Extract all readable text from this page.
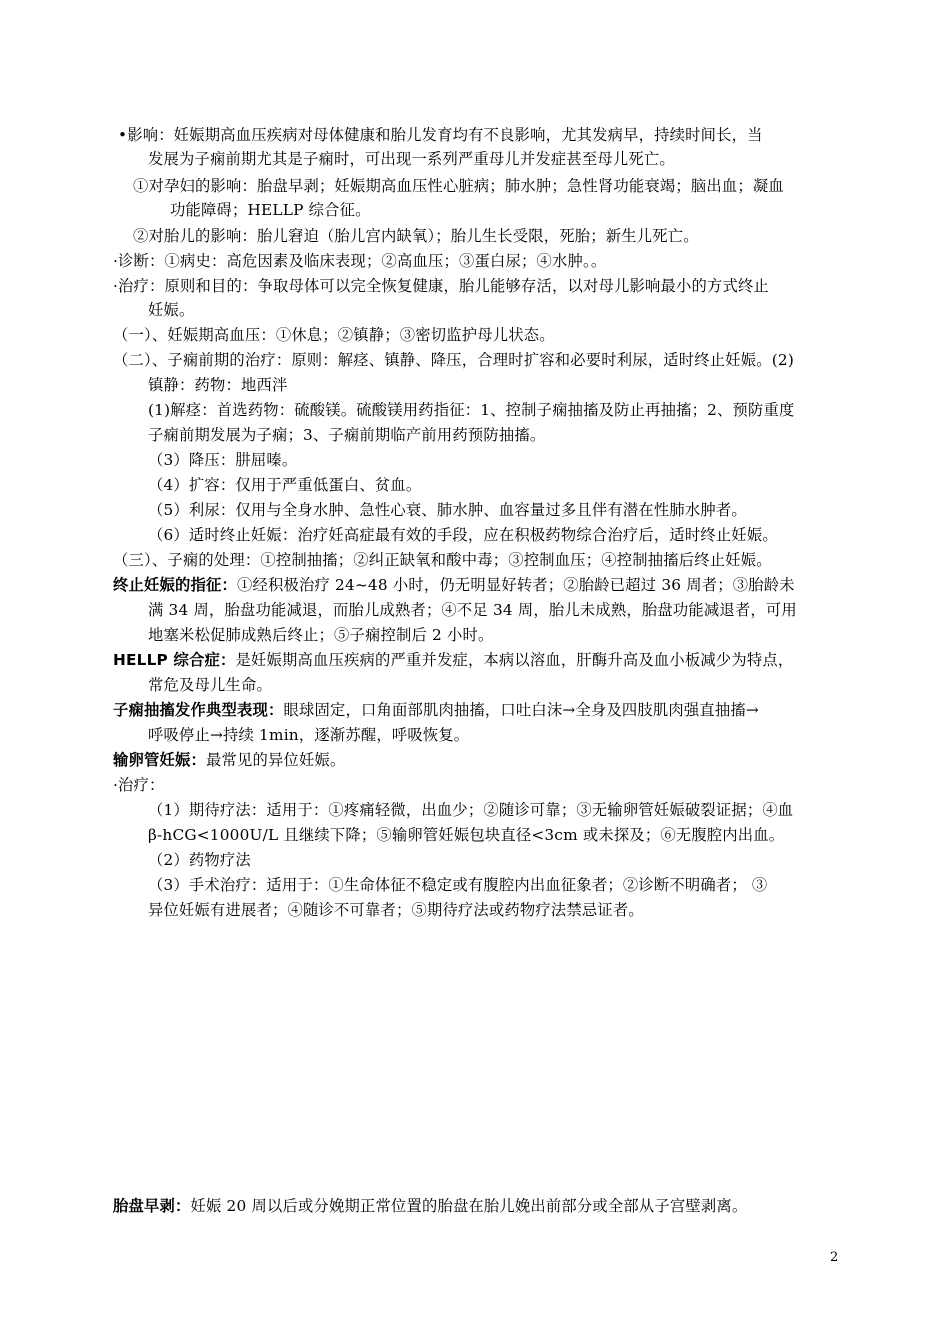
•影响：妊娠期高血压疾病对母体健康和胎儿发育均有不良影响，尤其发病早，持续时间长，当
发展为子痫前期尤其是子痫时，可出现一系列严重母儿并发症甚至母儿死亡。
①对孕妇的影响：胎盘早剥；妊娠期高血压性心脏病；肺水肿；急性肾功能衰竭；脑出血；凝血
功能障碍；HELLP 综合征。
②对胎儿的影响：胎儿窘迫（胎儿宫内缺氧）；胎儿生长受限，死胎；新生儿死亡。
·诊断：①病史：高危因素及临床表现；②高血压；③蛋白尿；④水肿。。
·治疗：原则和目的：争取母体可以完全恢复健康，胎儿能够存活，以对母儿影响最小的方式终止
妊娠。
（一）、妊娠期高血压：①休息；②镇静；③密切监护母儿状态。
（二）、子痫前期的治疗：原则：解痉、镇静、降压，合理时扩容和必要时利尿，适时终止妊娠。(2)
镇静：药物：地西泮
(1)解痉：首选药物：硫酸镁。硫酸镁用药指征：1、控制子痫抽搐及防止再抽搐；2、预防重度
子痫前期发展为子痫；3、子痫前期临产前用药预防抽搐。
（3）降压：肼屈嗪。
（4）扩容：仅用于严重低蛋白、贫血。
（5）利尿：仅用与全身水肿、急性心衰、肺水肿、血容量过多且伴有潜在性肺水肿者。
（6）适时终止妊娠：治疗妊高症最有效的手段，应在积极药物综合治疗后，适时终止妊娠。
（三）、子痫的处理：①控制抽搐；②纠正缺氧和酸中毒；③控制血压；④控制抽搐后终止妊娠。
终止妊娠的指征：①经积极治疗 24~48 小时，仍无明显好转者；②胎龄已超过 36 周者；③胎龄未
满 34 周，胎盘功能减退，而胎儿成熟者；④不足 34 周，胎儿未成熟，胎盘功能减退者，可用
地塞米松促肺成熟后终止；⑤子痫控制后 2 小时。
HELLP 综合症：是妊娠期高血压疾病的严重并发症，本病以溶血，肝酶升高及血小板减少为特点，
常危及母儿生命。
子痫抽搐发作典型表现：眼球固定，口角面部肌肉抽搐，口吐白沫→全身及四肢肌肉强直抽搐→
呼吸停止→持续 1min，逐渐苏醒，呼吸恢复。
输卵管妊娠：最常见的异位妊娠。
·治疗：
（1）期待疗法：适用于：①疼痛轻微，出血少；②随诊可靠；③无输卵管妊娠破裂证据；④血
β-hCG<1000U/L 且继续下降；⑤输卵管妊娠包块直径<3cm 或未探及；⑥无腹腔内出血。
（2）药物疗法
（3）手术治疗：适用于：①生命体征不稳定或有腹腔内出血征象者；②诊断不明确者； ③
异位妊娠有进展者；④随诊不可靠者；⑤期待疗法或药物疗法禁忌证者。
胎盘早剥：妊娠 20 周以后或分娩期正常位置的胎盘在胎儿娩出前部分或全部从子宫壁剥离。
2
